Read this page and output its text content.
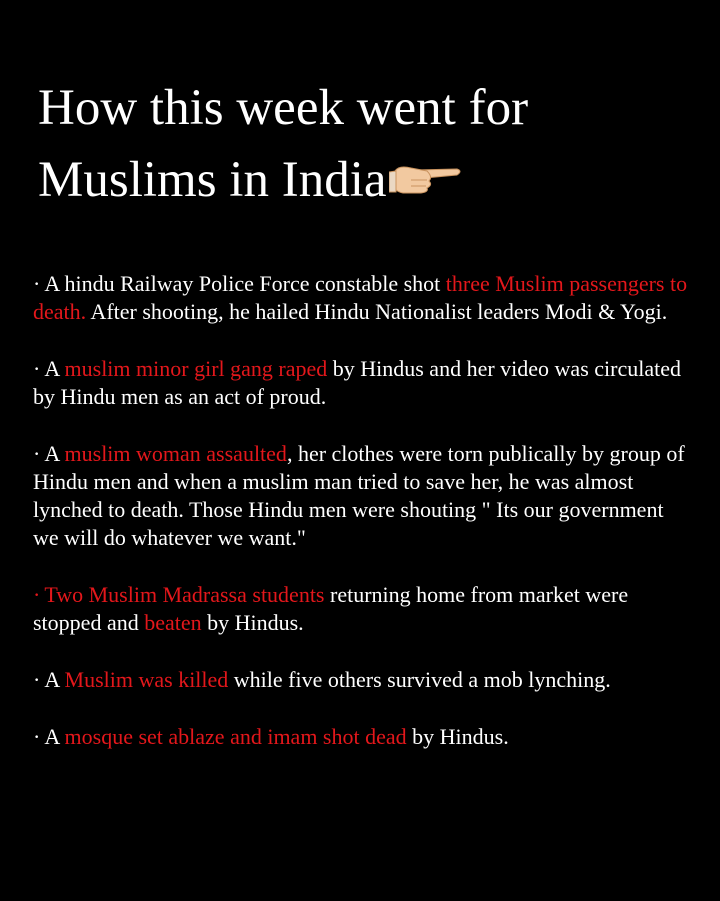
How this week went for Muslims in India

· A hindu Railway Police Force constable shot three Muslim passengers to death. After shooting, he hailed Hindu Nationalist leaders Modi & Yogi.

· A muslim minor girl gang raped by Hindus and her video was circulated by Hindu men as an act of proud.

· A muslim woman assaulted, her clothes were torn publically by group of Hindu men and when a muslim man tried to save her, he was almost lynched to death. Those Hindu men were shouting " Its our government we will do whatever we want."

· Two Muslim Madrassa students returning home from market were stopped and beaten by Hindus.

· A Muslim was killed while five others survived a mob lynching.

· A mosque set ablaze and imam shot dead by Hindus.
